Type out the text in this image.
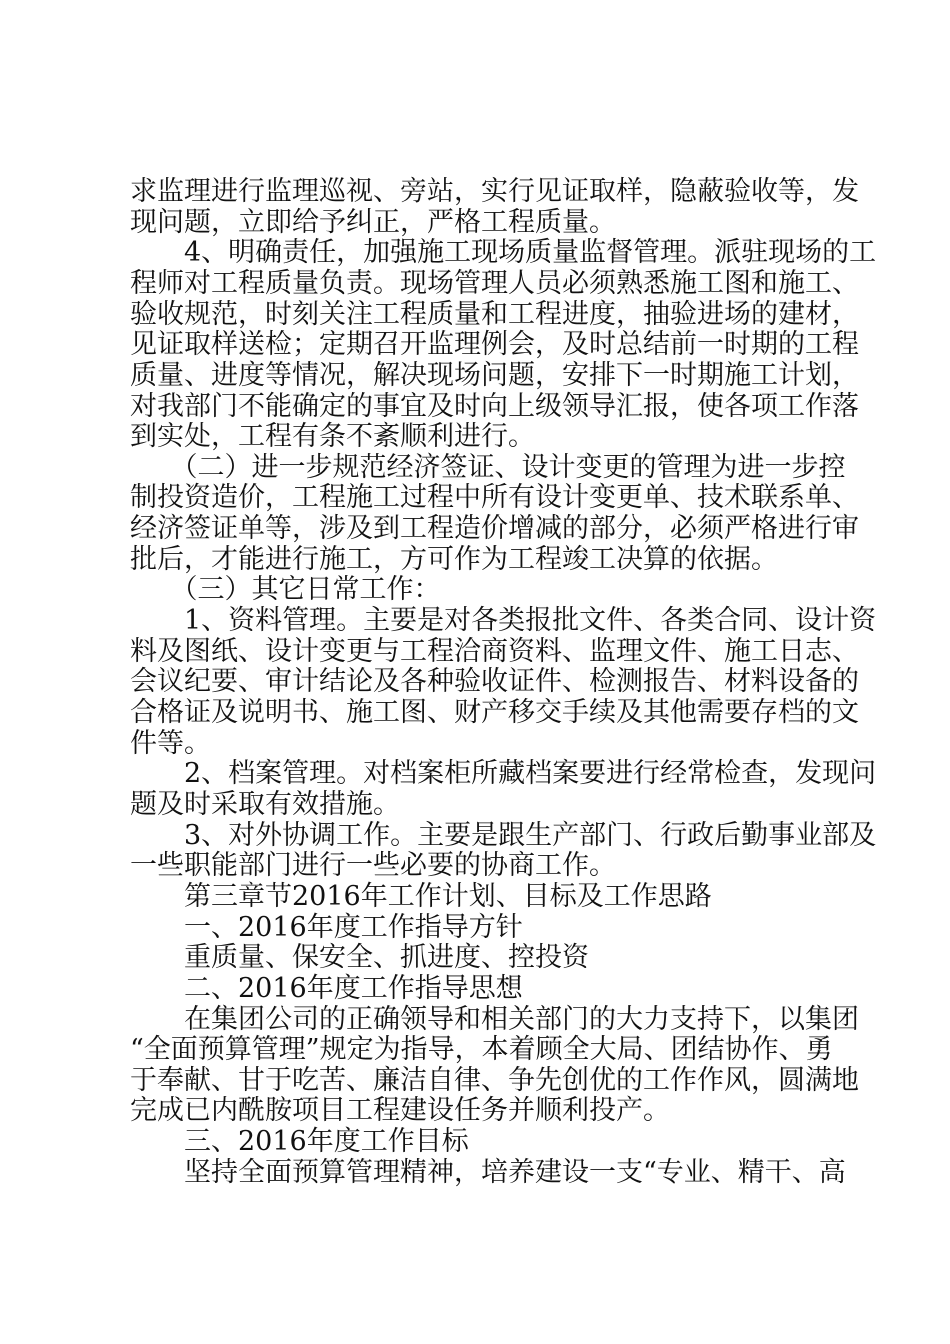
求监理进行监理巡视、旁站，实行见证取样，隐蔽验收等，发
现问题，立即给予纠正，严格工程质量。
　　4、明确责任，加强施工现场质量监督管理。派驻现场的工
程师对工程质量负责。现场管理人员必须熟悉施工图和施工、
验收规范，时刻关注工程质量和工程进度，抽验进场的建材，
见证取样送检；定期召开监理例会，及时总结前一时期的工程
质量、进度等情况，解决现场问题，安排下一时期施工计划，
对我部门不能确定的事宜及时向上级领导汇报，使各项工作落
到实处，工程有条不紊顺利进行。
　　（二）进一步规范经济签证、设计变更的管理为进一步控
制投资造价，工程施工过程中所有设计变更单、技术联系单、
经济签证单等，涉及到工程造价增减的部分，必须严格进行审
批后，才能进行施工，方可作为工程竣工决算的依据。
　　（三）其它日常工作：
　　1、资料管理。主要是对各类报批文件、各类合同、设计资
料及图纸、设计变更与工程洽商资料、监理文件、施工日志、
会议纪要、审计结论及各种验收证件、检测报告、材料设备的
合格证及说明书、施工图、财产移交手续及其他需要存档的文
件等。
　　2、档案管理。对档案柜所藏档案要进行经常检查，发现问
题及时采取有效措施。
　　3、对外协调工作。主要是跟生产部门、行政后勤事业部及
一些职能部门进行一些必要的协商工作。
　　第三章节2016年工作计划、目标及工作思路
　　一、2016年度工作指导方针
　　重质量、保安全、抓进度、控投资
　　二、2016年度工作指导思想
　　在集团公司的正确领导和相关部门的大力支持下，以集团
“全面预算管理”规定为指导，本着顾全大局、团结协作、勇
于奉献、甘于吃苦、廉洁自律、争先创优的工作作风，圆满地
完成已内酰胺项目工程建设任务并顺利投产。
　　三、2016年度工作目标
　　坚持全面预算管理精神，培养建设一支“专业、精干、高
